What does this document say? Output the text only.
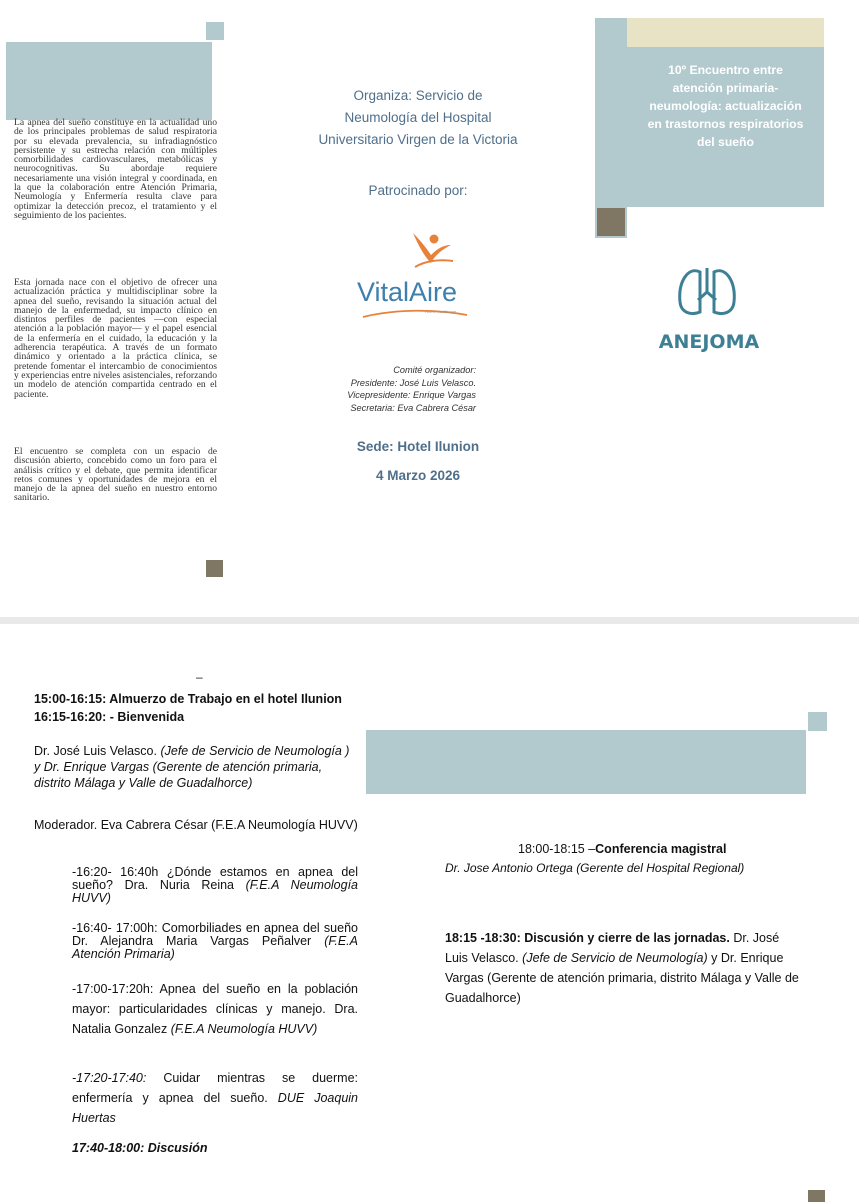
La apnea del sueño constituye en la actualidad uno de los principales problemas de salud respiratoria por su elevada prevalencia, su infradiagnóstico persistente y su estrecha relación con múltiples comorbilidades cardiovasculares, metabólicas y neurocognitivas. Su abordaje requiere necesariamente una visión integral y coordinada, en la que la colaboración entre Atención Primaria, Neumología y Enfermería resulta clave para optimizar la detección precoz, el tratamiento y el seguimiento de los pacientes.
Esta jornada nace con el objetivo de ofrecer una actualización práctica y multidisciplinar sobre la apnea del sueño, revisando la situación actual del manejo de la enfermedad, su impacto clínico en distintos perfiles de pacientes —con especial atención a la población mayor— y el papel esencial de la enfermería en el cuidado, la educación y la adherencia terapéutica. A través de un formato dinámico y orientado a la práctica clínica, se pretende fomentar el intercambio de conocimientos y experiencias entre niveles asistenciales, reforzando un modelo de atención compartida centrado en el paciente.
El encuentro se completa con un espacio de discusión abierto, concebido como un foro para el análisis crítico y el debate, que permita identificar retos comunes y oportunidades de mejora en el manejo de la apnea del sueño en nuestro entorno sanitario.
Organiza: Servicio de Neumología del Hospital Universitario Virgen de la Victoria
Patrocinado por:
VitalAire
Home Healthcare
Comité organizador:
Presidente: José Luis Velasco.
Vicepresidente: Enrique Vargas
Secretaria: Eva Cabrera César
Sede: Hotel Ilunion
4 Marzo 2026
10º Encuentro entre atención primaria-neumología: actualización en trastornos respiratorios del sueño
ANEJOMA
–
15:00-16:15: Almuerzo de Trabajo en el hotel Ilunion
16:15-16:20: - Bienvenida
Dr. José Luis Velasco. (Jefe de Servicio de Neumología )
y Dr. Enrique Vargas (Gerente de atención primaria,
distrito Málaga y Valle de Guadalhorce)
Moderador. Eva Cabrera César (F.E.A Neumología HUVV)
-16:20- 16:40h ¿Dónde estamos en apnea del sueño? Dra. Nuria Reina (F.E.A Neumología HUVV)
-16:40- 17:00h: Comorbiliades en apnea del sueño Dr. Alejandra Maria Vargas Peñalver (F.E.A Atención Primaria)
-17:00-17:20h: Apnea del sueño en la población mayor: particularidades clínicas y manejo. Dra. Natalia Gonzalez (F.E.A Neumología HUVV)
-17:20-17:40: Cuidar mientras se duerme: enfermería y apnea del sueño. DUE Joaquin Huertas
17:40-18:00: Discusión
18:00-18:15 –Conferencia magistral
Dr. Jose Antonio Ortega (Gerente del Hospital Regional)
18:15 -18:30: Discusión y cierre de las jornadas. Dr. José Luis Velasco. (Jefe de Servicio de Neumología) y Dr. Enrique Vargas (Gerente de atención primaria, distrito Málaga y Valle de Guadalhorce)
